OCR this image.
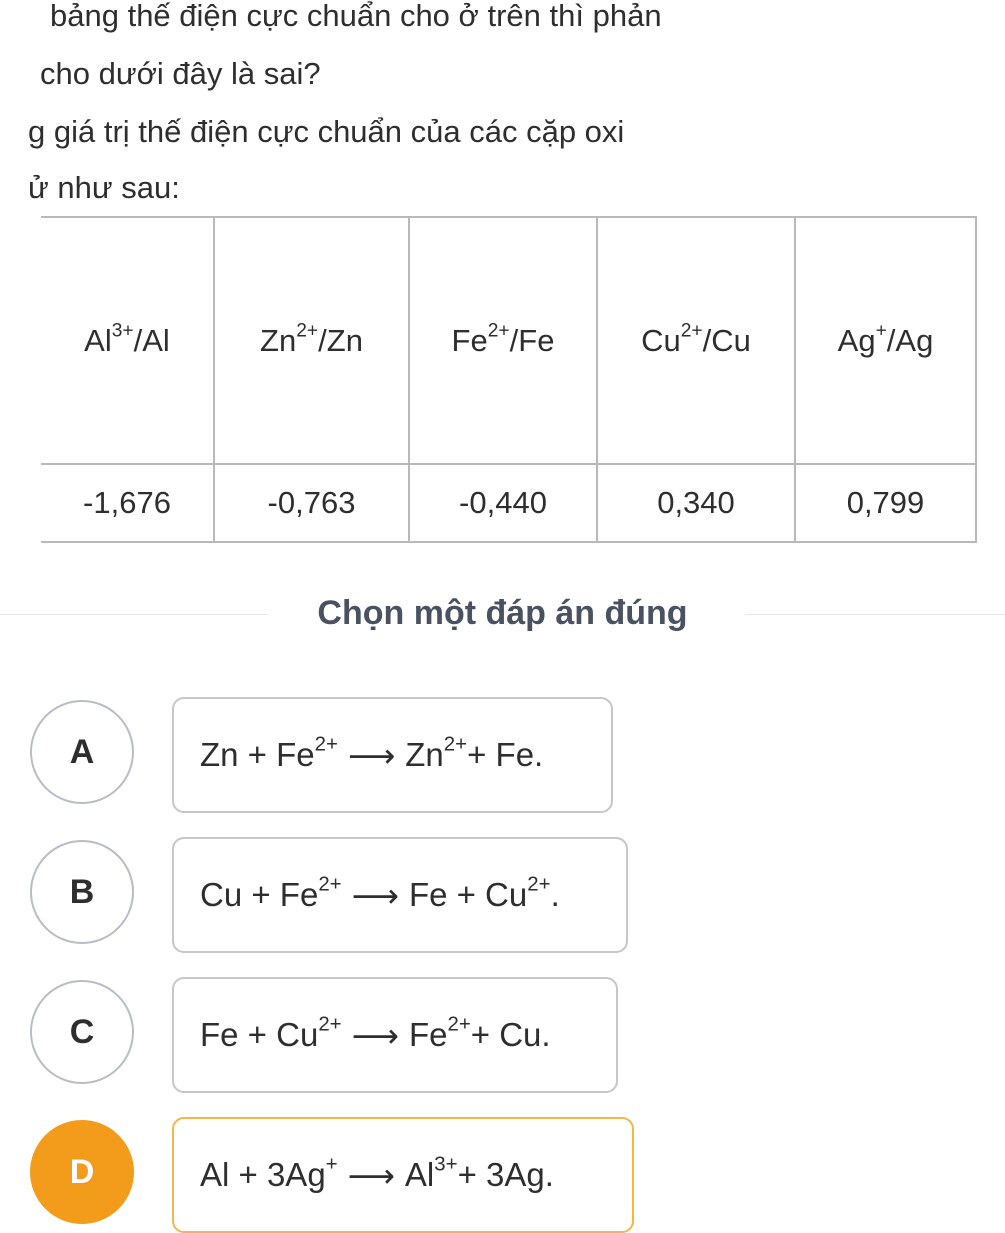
bảng thế điện cực chuẩn cho ở trên thì phản
cho dưới đây là sai?
g giá trị thế điện cực chuẩn của các cặp oxi
ử như sau:
$Al^{3+}/Al$	$Zn^{2+}/Zn$	$Fe^{2+}/Fe$	$Cu^{2+}/Cu$	Ag+/Ag
-1,676	-0,763	-0,440	0,340	0,799
Chọn một đáp án đúng
A	$Zn + Fe^{2+}$ ⟶ $Zn^{2+} + Fe$.
B	$Cu + Fe^{2+}$ ⟶ $Fe + Cu^{2+}$ .
C	$Fe + Cu^{2+}$ ⟶ $Fe^{2+} + Cu$.
D	Al + 3Ag+ ⟶ $Al^{3+} + 3Ag$.
